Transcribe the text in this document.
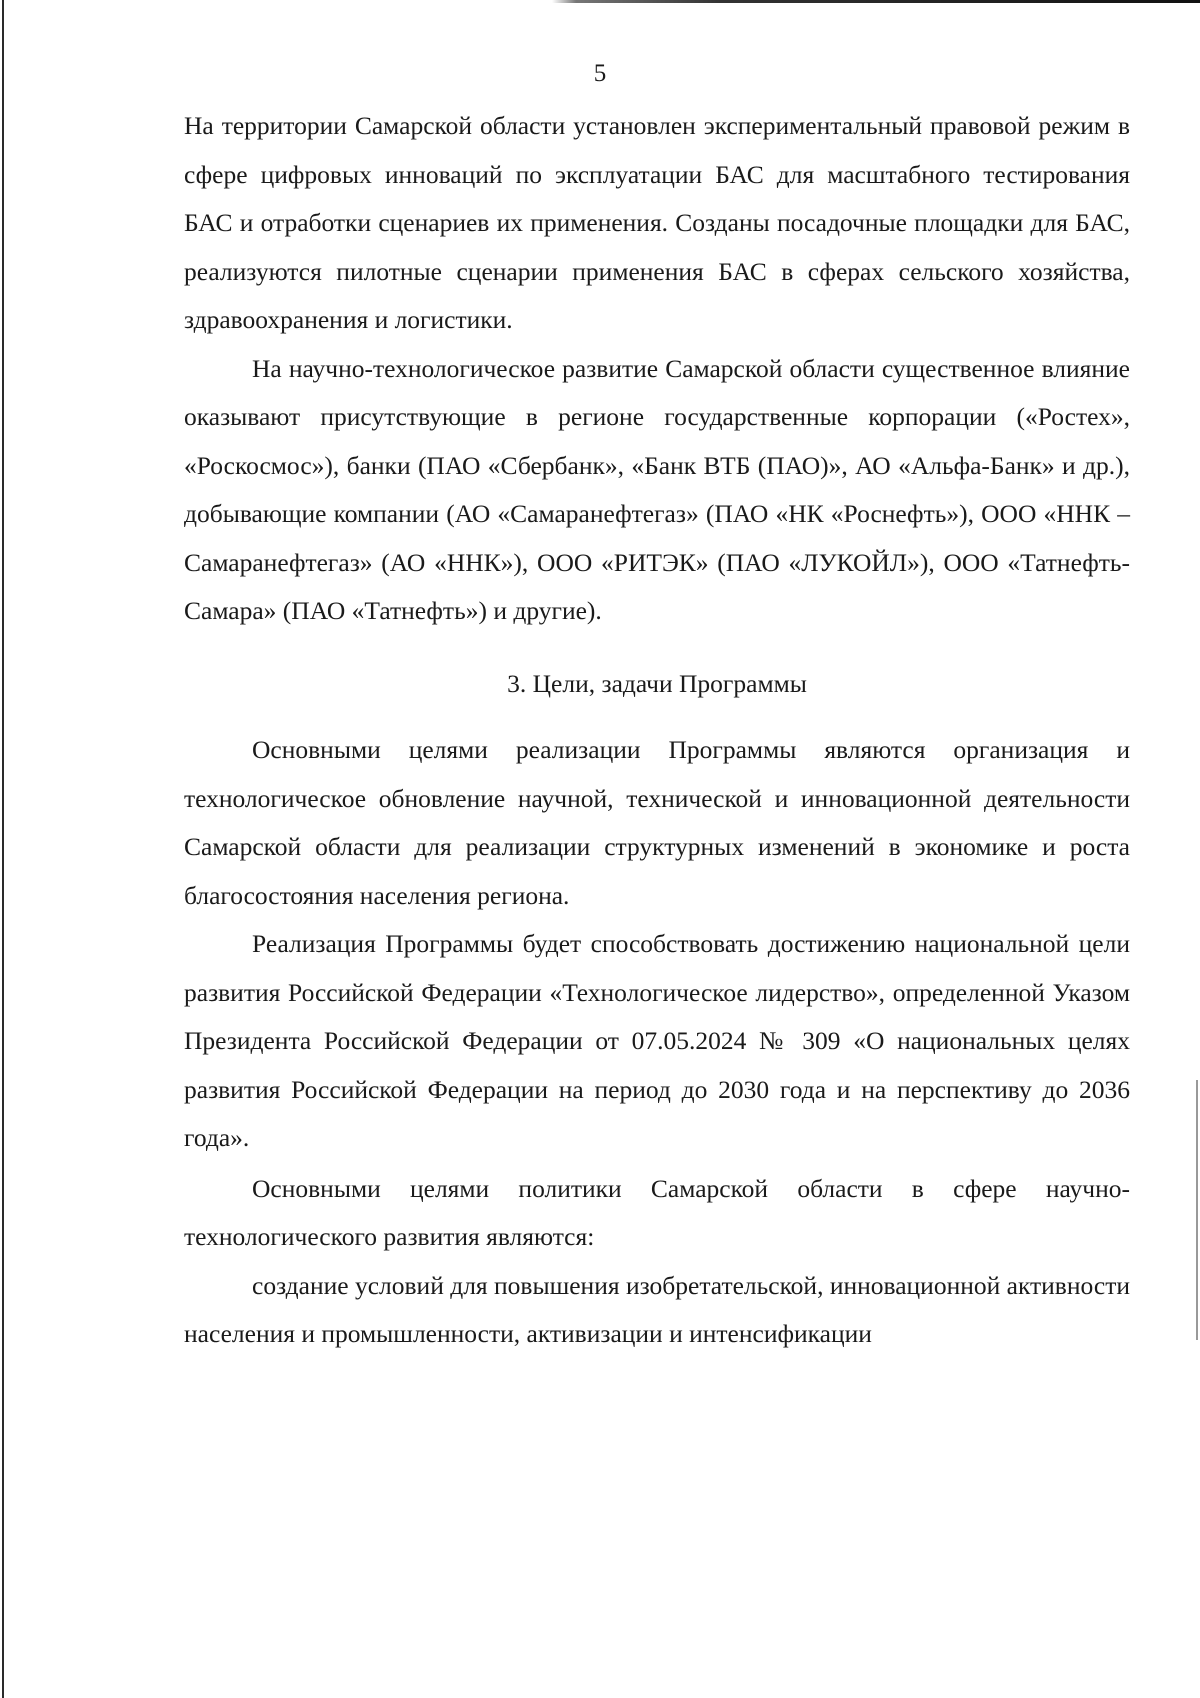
5

На территории Самарской области установлен экспериментальный правовой режим в сфере цифровых инноваций по эксплуатации БАС для масштабного тестирования БАС и отработки сценариев их применения. Созданы посадочные площадки для БАС, реализуются пилотные сценарии применения БАС в сферах сельского хозяйства, здравоохранения и логистики.

На научно-технологическое развитие Самарской области существенное влияние оказывают присутствующие в регионе государственные корпорации («Ростех», «Роскосмос»), банки (ПАО «Сбербанк», «Банк ВТБ (ПАО)», АО «Альфа-Банк» и др.), добывающие компании (АО «Самаранефтегаз» (ПАО «НК «Роснефть»), ООО «ННК – Самаранефтегаз» (АО «ННК»), ООО «РИТЭК» (ПАО «ЛУКОЙЛ»), ООО «Татнефть-Самара» (ПАО «Татнефть») и другие).

3. Цели, задачи Программы

Основными целями реализации Программы являются организация и технологическое обновление научной, технической и инновационной деятельности Самарской области для реализации структурных изменений в экономике и роста благосостояния населения региона.

Реализация Программы будет способствовать достижению национальной цели развития Российской Федерации «Технологическое лидерство», определенной Указом Президента Российской Федерации от 07.05.2024 № 309 «О национальных целях развития Российской Федерации на период до 2030 года и на перспективу до 2036 года».

Основными целями политики Самарской области в сфере научно-технологического развития являются:

создание условий для повышения изобретательской, инновационной активности населения и промышленности, активизации и интенсификации
